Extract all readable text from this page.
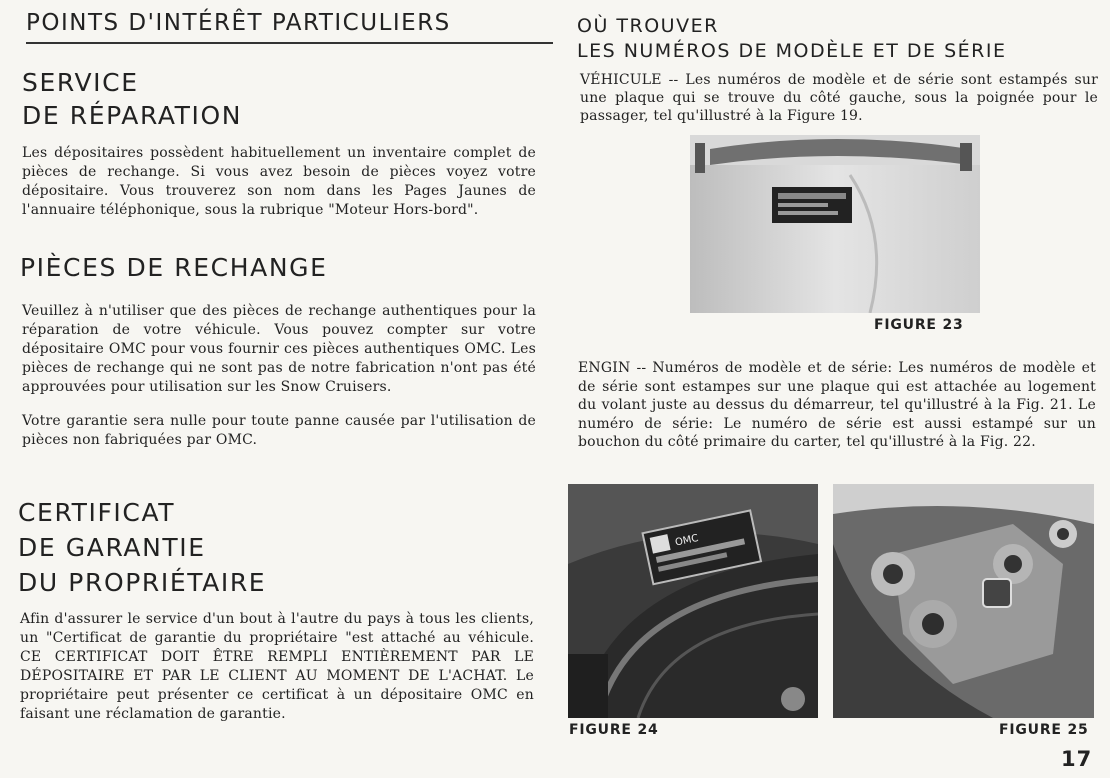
POINTS D'INTÉRÊT PARTICULIERS
SERVICE
DE RÉPARATION
Les dépositaires possèdent habituellement un inventaire complet de pièces de rechange. Si vous avez besoin de pièces voyez votre dépositaire. Vous trouverez son nom dans les Pages Jaunes de l'annuaire téléphonique, sous la rubrique "Moteur Hors-bord".
PIÈCES DE RECHANGE
Veuillez à n'utiliser que des pièces de rechange authentiques pour la réparation de votre véhicule. Vous pouvez compter sur votre dépositaire OMC pour vous fournir ces pièces authentiques OMC. Les pièces de rechange qui ne sont pas de notre fabrication n'ont pas été approuvées pour utilisation sur les Snow Cruisers.
Votre garantie sera nulle pour toute panne causée par l'utilisation de pièces non fabriquées par OMC.
CERTIFICAT
DE GARANTIE
DU PROPRIÉTAIRE
Afin d'assurer le service d'un bout à l'autre du pays à tous les clients, un "Certificat de garantie du propriétaire "est attaché au véhicule. CE CERTIFICAT DOIT ÊTRE REMPLI ENTIÈREMENT PAR LE DÉPOSITAIRE ET PAR LE CLIENT AU MOMENT DE L'ACHAT. Le propriétaire peut présenter ce certificat à un dépositaire OMC en faisant une réclamation de garantie.
OÙ TROUVER
LES NUMÉROS DE MODÈLE ET DE SÉRIE
VÉHICULE -- Les numéros de modèle et de série sont estampés sur une plaque qui se trouve du côté gauche, sous la poignée pour le passager, tel qu'illustré à la Figure 19.
FIGURE 23
ENGIN -- Numéros de modèle et de série: Les numéros de modèle et de série sont estampes sur une plaque qui est attachée au logement du volant juste au dessus du démarreur, tel qu'illustré à la Fig. 21. Le numéro de série: Le numéro de série est aussi estampé sur un bouchon du côté primaire du carter, tel qu'illustré à la Fig. 22.
OMC
FIGURE 24	FIGURE 25
17
